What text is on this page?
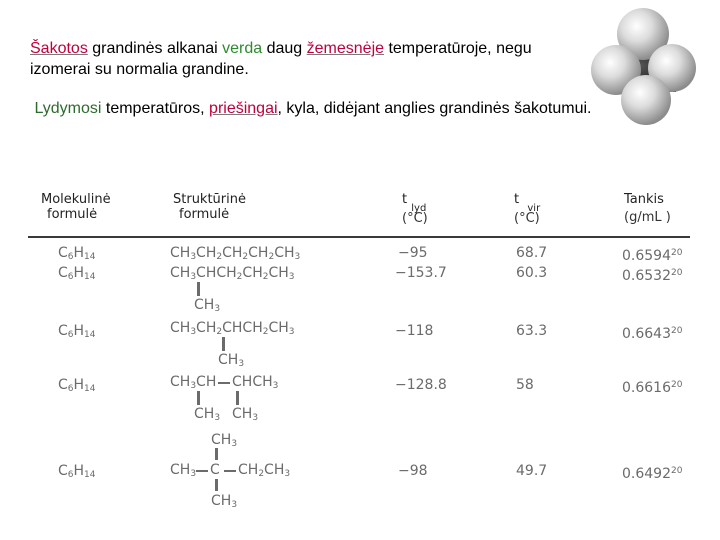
Šakotos grandinės alkanai verda daug žemesnėje temperatūroje, negu izomerai su normalia grandine.
Lydymosi temperatūros, priešingai, kyla, didėjant anglies grandinės šakotumui.
Molekulinė
formulė
Struktūrinė
formulė
t $_{lyd}$
(°C)
t  $_{vir}$
(°C)
Tankis
(g/mL )
$C_6H_{14}$
$C_6H_{14}$
$C_6H_{14}$
$C_6H_{14}$
$C_6H_{14}$
$CH_3CH_2CH_2CH_2CH_3$
$CH_3CHCH_2CH_2CH_3$
$CH_3$
$CH_3CH_2CHCH_2CH_3$
$CH_3$
$CH_3CH$ $CHCH_3$
$CH_3$ $CH_3$
$CH_3$
$CH_3$ C $CH_2CH_3$
$CH_3$
−95
−153.7
−118
−128.8
−98
68.7
60.3
63.3
58
49.7
0.6594$^{20}$
0.6532$^{20}$
0.6643$^{20}$
0.6616$^{20}$
0.6492$^{20}$
